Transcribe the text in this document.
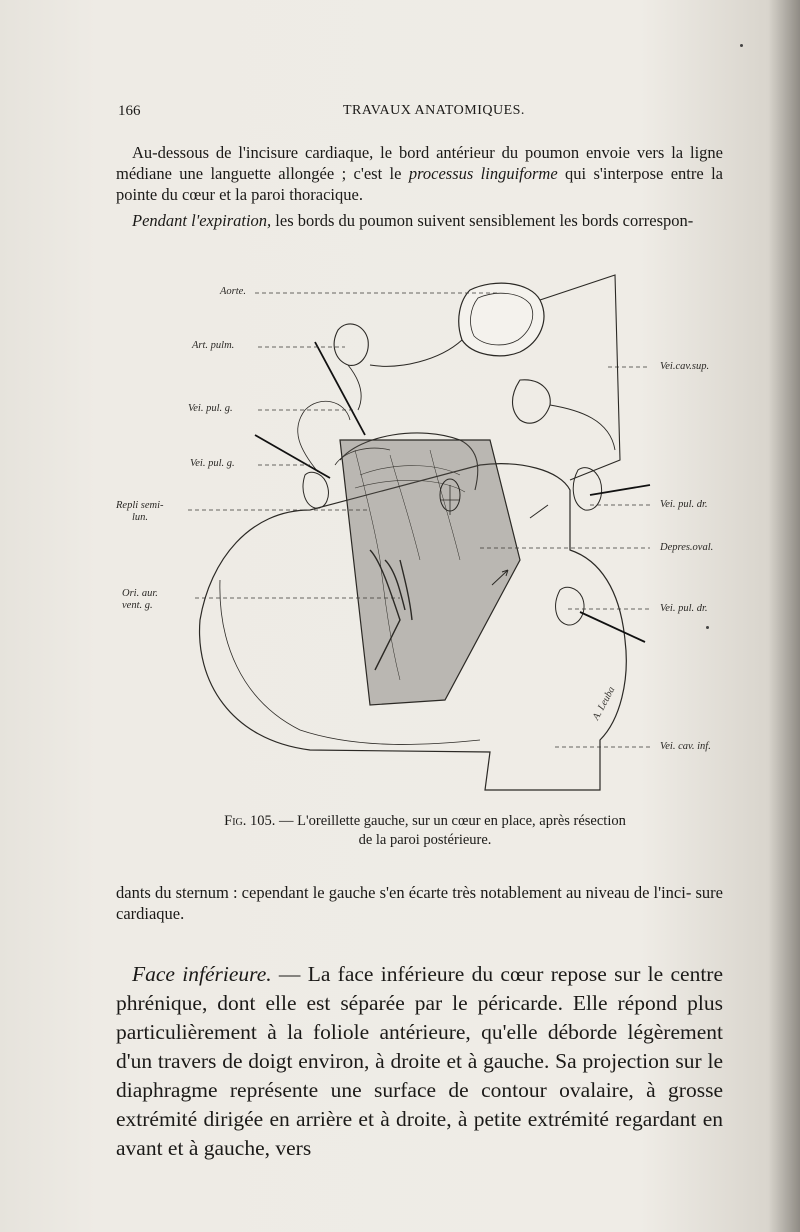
166	TRAVAUX ANATOMIQUES.

Au-dessous de l'incisure cardiaque, le bord antérieur du poumon envoie vers la ligne médiane une languette allongée ; c'est le processus linguiforme qui s'interpose entre la pointe du cœur et la paroi thoracique.

Pendant l'expiration, les bords du poumon suivent sensiblement les bords correspon-

Aorte.
Art. pulm.
Vei. pul. g.
Vei. pul. g.
Repli semi-
lun.
Ori. aur.
vent. g.
Vei.cav.sup.
Vei. pul. dr.
Depres.oval.
Vei. pul. dr.
Vei. cav. inf.
A. Leuba
Fig. 105. — L'oreillette gauche, sur un cœur en place, après résection
de la paroi postérieure.

dants du sternum : cependant le gauche s'en écarte très notablement au niveau de l'inci- sure cardiaque.

Face inférieure. — La face inférieure du cœur repose sur le centre phrénique, dont elle est séparée par le péricarde. Elle répond plus particulièrement à la foliole antérieure, qu'elle déborde légèrement d'un travers de doigt environ, à droite et à gauche. Sa projection sur le diaphragme représente une surface de contour ovalaire, à grosse extrémité dirigée en arrière et à droite, à petite extrémité regardant en avant et à gauche, vers
